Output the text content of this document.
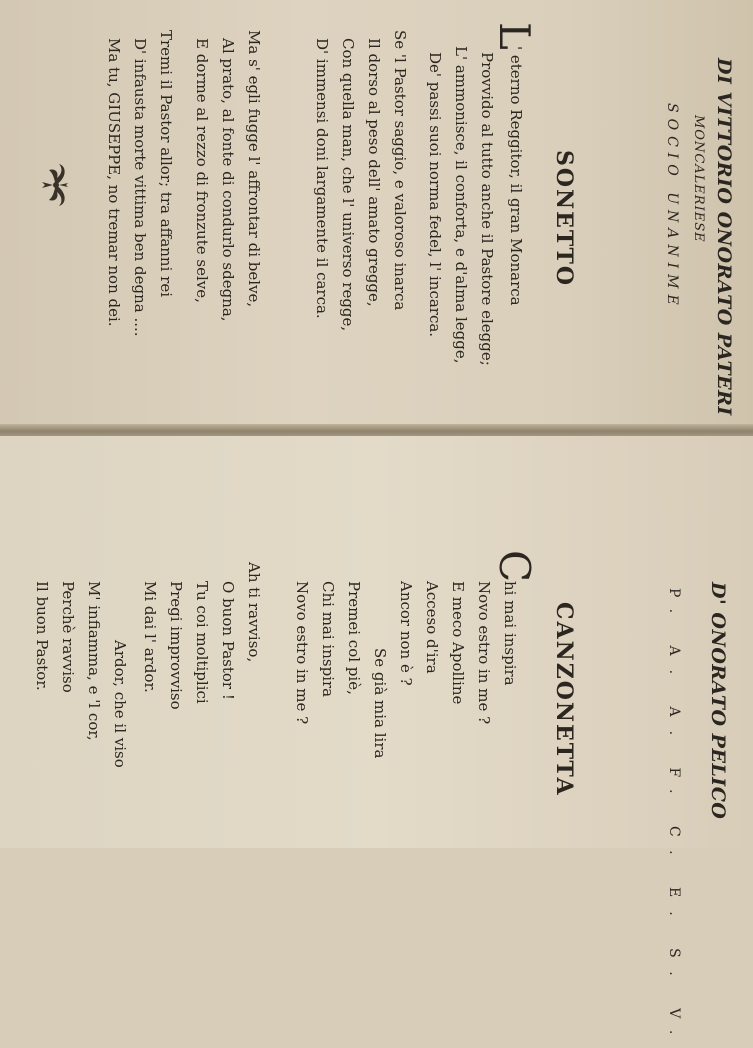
DI VITTORIO ONORATO PATERI
MONCALERIESE
SOCIO UNANIME
SONETTO
L
' eterno Reggitor, il gran Monarca
Provvido al tutto anche il Pastore elegge;
L' ammonisce, il conforta, e d'alma legge,
De' passi suoi norma fedel, l' incarca.
Se 'l Pastor saggio, e valoroso inarca
Il dorso al peso dell' amato gregge,
Con quella man, che l' universo regge,
D' immensi doni largamente il carca.
Ma s' egli fugge l' affrontar di belve,
Al prato, al fonte di condurlo sdegna,
E dorme al rezzo di fronzute selve,
Tremi il Pastor allor; tra affanni rei
D' infausta morte vittima ben degna ....
Ma tu, GIUSEPPE, no tremar non dei.
D' ONORATO PELICO
P. A. A. F. C. E. S. V.
CANZONETTA
C
hi mai inspira
Novo estro in me ?
E meco Apolline
Acceso d'ira
Ancor non è ?
Se già mia lira
Premei col piè,
Chi mai inspira
Novo estro in me ?
Ah ti ravviso,
O buon Pastor !
Tu coi moltiplici
Pregi improvviso
Mi dai l' ardor.
Ardor, che il viso
M' infiamma, e 'l cor,
Perchè ravviso
Il buon Pastor.
